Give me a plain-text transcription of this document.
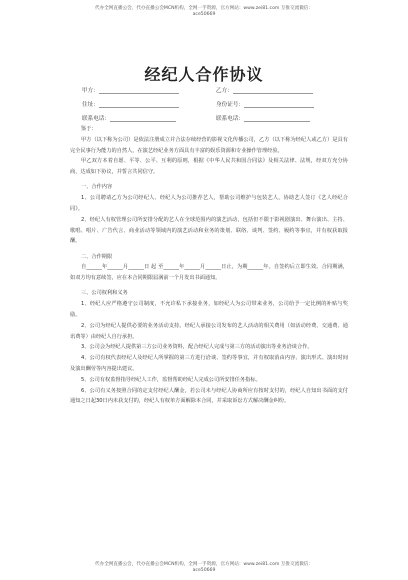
代办全网直播公会，代办直播公会MCN机构，全网一手资源，官方网站：www.zei81.com 互推交流微信：
ace50669
经纪人合作协议
甲方：	乙方：
住址：	身份证号：
联系电话：	联系电话：

鉴于：

甲方（以下称为公司）是依法注册成立并合法存续经营的影视文化传播公司，乙方（以下称为经纪人或乙方）是具有完全民事行为能力的自然人，在演艺经纪业务方面具有丰富的娱乐资源和专业操作管理经验。

甲乙双方本着自愿、平等、公平、互利的原则，根据《中华人民共和国合同法》及相关法律、法规，经双方充分协商，达成如下协议，并誓言共同信守。

一、合作内容

1、公司聘请乙方为公司经纪人、经纪人为公司推荐艺人，帮助公司维护与包装艺人，协助艺人签订《艺人经纪合同》。

2、经纪人有权管理公司所安排分配的艺人在全球范围内的演艺活动，包括但不限于影视剧演出、舞台演出、主持、歌唱、唱片、广告代言、商业活动等领域内的演艺活动和业务的策划、联络、谈判、签约、履约等事宜，并有权获取报酬。

二、合作期限

自______年______月______日 起 至______年______月______日止，为期______年。自签约后立即生效。合同期满，如双方均有意续签，应在本合同期限届满前一个月发出书面通知。

三、公司权利和义务

1、经纪人应严格遵守公司制度，不允许私下承接业务，如经纪人为公司带来业务，公司给予一定比例的补贴与奖励。

2、公司为经纪人提供必要的业务活动支持。经纪人承接公司发布的艺人活动的相关费用（如活动经费、交通费、通讯费等）由经纪人自行承担。

3、公司会为经纪人提供第三方公司业务资料，配合经纪人完成与第三方的活动演出等业务洽谈合作。

4、公司有权代表经纪人及经纪人所掌握的第三方进行洽谈、签约等事宜，并有权取消由内容、演出形式、演出时间及演出酬劳等内容提出建议。

5、公司有权监督指导经纪人工作，监督帮助经纪人完成公司所安排任务指标。

6、公司有义务按照合同的定支付经纪人酬金，若公司未与经纪人协商所应有按时支付的，经纪人自知出书面的支付通知之日起30日内未获支付的，经纪人有权单方面解除本合同，并采取诉讼方式解决酬金纠纷。

代办全网直播公会，代办直播公会MCN机构，全网一手资源，官方网站：www.zei81.com 互推交流微信：
ace50669
